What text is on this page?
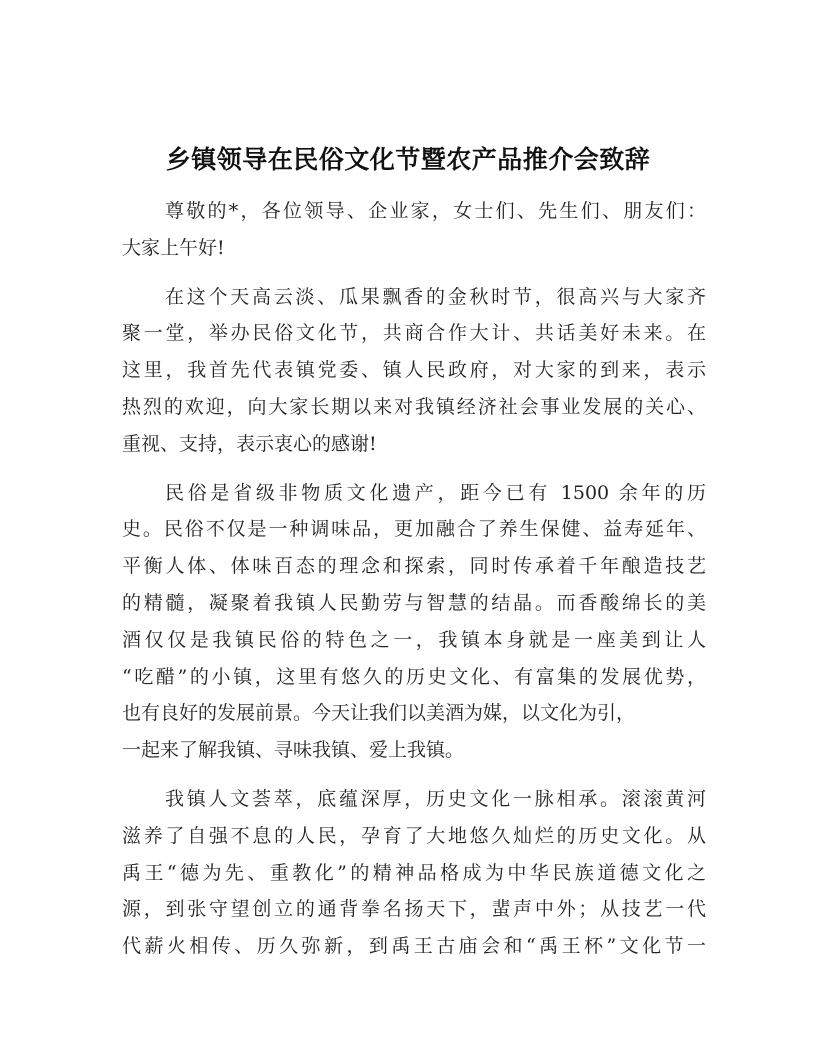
乡镇领导在民俗文化节暨农产品推介会致辞
尊敬的*，各位领导、企业家，女士们、先生们、朋友们：
大家上午好!
在这个天高云淡、瓜果飘香的金秋时节，很高兴与大家齐
聚一堂，举办民俗文化节，共商合作大计、共话美好未来。在
这里，我首先代表镇党委、镇人民政府，对大家的到来，表示
热烈的欢迎，向大家长期以来对我镇经济社会事业发展的关心、
重视、支持，表示衷心的感谢!
民俗是省级非物质文化遗产，距今已有 1500 余年的历
史。民俗不仅是一种调味品，更加融合了养生保健、益寿延年、
平衡人体、体味百态的理念和探索，同时传承着千年酿造技艺
的精髓，凝聚着我镇人民勤劳与智慧的结晶。而香酸绵长的美
酒仅仅是我镇民俗的特色之一，我镇本身就是一座美到让人
“吃醋”的小镇，这里有悠久的历史文化、有富集的发展优势，
也有良好的发展前景。今天让我们以美酒为媒，以文化为引，
一起来了解我镇、寻味我镇、爱上我镇。
我镇人文荟萃，底蕴深厚，历史文化一脉相承。滚滚黄河
滋养了自强不息的人民，孕育了大地悠久灿烂的历史文化。从
禹王“德为先、重教化”的精神品格成为中华民族道德文化之
源，到张守望创立的通背拳名扬天下，蜚声中外；从技艺一代
代薪火相传、历久弥新，到禹王古庙会和“禹王杯”文化节一
